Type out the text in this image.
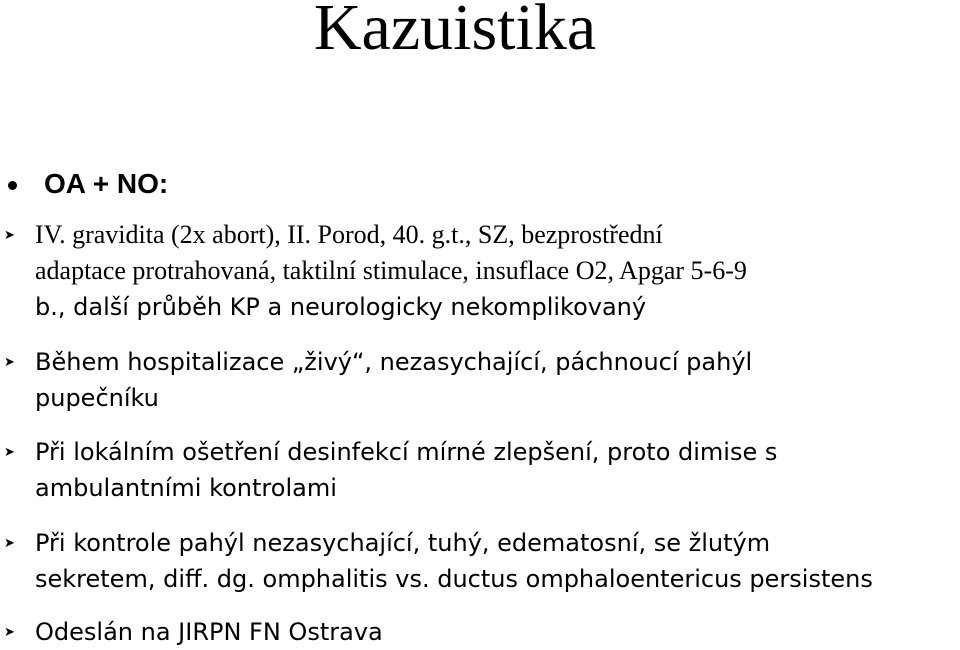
Kazuistika
OA + NO:
➤ IV. gravidita (2x abort), II. Porod, 40. g.t., SZ, bezprostřední
adaptace protrahovaná, taktilní stimulace, insuflace O2, Apgar 5-6-9
b., další průběh KP a neurologicky nekomplikovaný
➤ Během hospitalizace „živý“, nezasychající, páchnoucí pahýl
pupečníku
➤ Při lokálním ošetření desinfekcí mírné zlepšení, proto dimise s
ambulantními kontrolami
➤ Při kontrole pahýl nezasychající, tuhý, edematosní, se žlutým
sekretem, diff. dg. omphalitis vs. ductus omphaloentericus persistens
➤ Odeslán na JIRPN FN Ostrava
